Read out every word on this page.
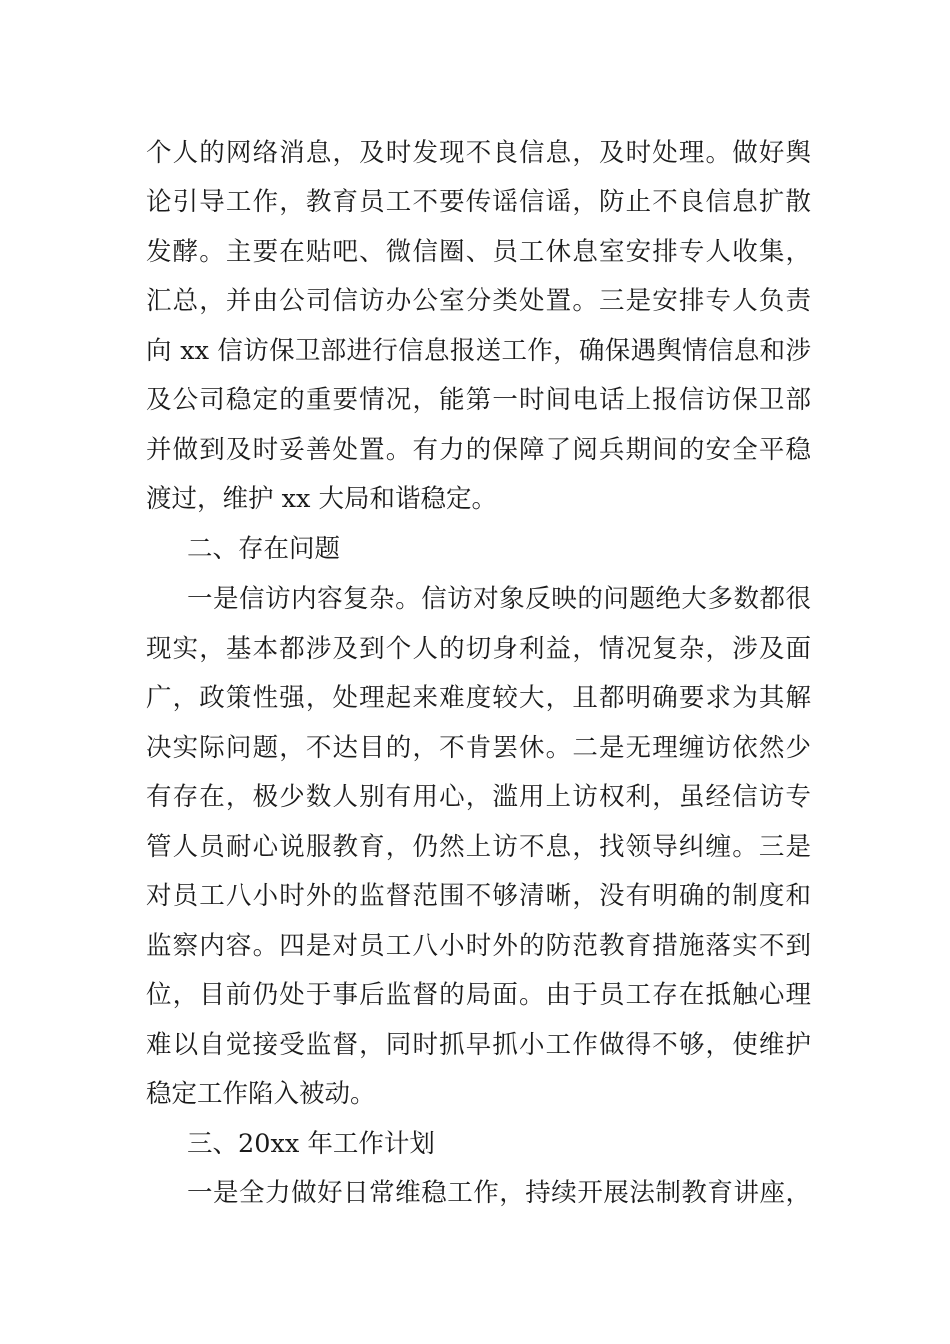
个人的网络消息，及时发现不良信息，及时处理。做好舆
论引导工作，教育员工不要传谣信谣，防止不良信息扩散
发酵。主要在贴吧、微信圈、员工休息室安排专人收集，
汇总，并由公司信访办公室分类处置。三是安排专人负责
向 xx 信访保卫部进行信息报送工作，确保遇舆情信息和涉
及公司稳定的重要情况，能第一时间电话上报信访保卫部
并做到及时妥善处置。有力的保障了阅兵期间的安全平稳
渡过，维护 xx 大局和谐稳定。
二、存在问题
一是信访内容复杂。信访对象反映的问题绝大多数都很
现实，基本都涉及到个人的切身利益，情况复杂，涉及面
广，政策性强，处理起来难度较大，且都明确要求为其解
决实际问题，不达目的，不肯罢休。二是无理缠访依然少
有存在，极少数人别有用心，滥用上访权利，虽经信访专
管人员耐心说服教育，仍然上访不息，找领导纠缠。三是
对员工八小时外的监督范围不够清晰，没有明确的制度和
监察内容。四是对员工八小时外的防范教育措施落实不到
位，目前仍处于事后监督的局面。由于员工存在抵触心理
难以自觉接受监督，同时抓早抓小工作做得不够，使维护
稳定工作陷入被动。
三、20xx 年工作计划
一是全力做好日常维稳工作，持续开展法制教育讲座，
